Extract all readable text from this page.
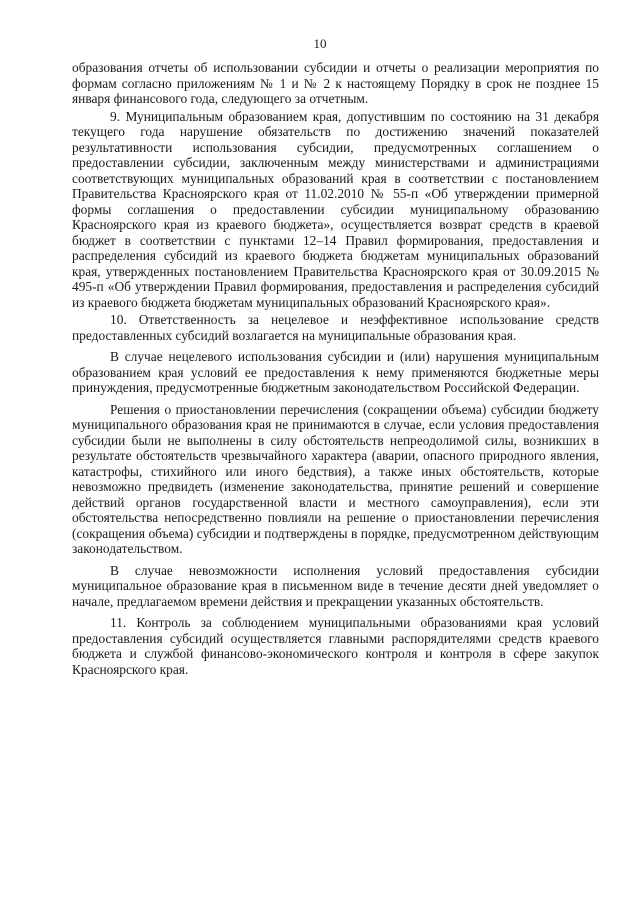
10

образования отчеты об использовании субсидии и отчеты о реализации мероприятия по формам согласно приложениям № 1 и № 2 к настоящему Порядку в срок не позднее 15 января финансового года, следующего за отчетным.

9. Муниципальным образованием края, допустившим по состоянию на 31 декабря текущего года нарушение обязательств по достижению значений показателей результативности использования субсидии, предусмотренных соглашением о предоставлении субсидии, заключенным между министерствами и администрациями соответствующих муниципальных образований края в соответствии с постановлением Правительства Красноярского края от 11.02.2010 № 55-п «Об утверждении примерной формы соглашения о предоставлении субсидии муниципальному образованию Красноярского края из краевого бюджета», осуществляется возврат средств в краевой бюджет в соответствии с пунктами 12–14 Правил формирования, предоставления и распределения субсидий из краевого бюджета бюджетам муниципальных образований края, утвержденных постановлением Правительства Красноярского края от 30.09.2015 № 495-п «Об утверждении Правил формирования, предоставления и распределения субсидий из краевого бюджета бюджетам муниципальных образований Красноярского края».

10. Ответственность за нецелевое и неэффективное использование средств предоставленных субсидий возлагается на муниципальные образования края.

В случае нецелевого использования субсидии и (или) нарушения муниципальным образованием края условий ее предоставления к нему применяются бюджетные меры принуждения, предусмотренные бюджетным законодательством Российской Федерации.

Решения о приостановлении перечисления (сокращении объема) субсидии бюджету муниципального образования края не принимаются в случае, если условия предоставления субсидии были не выполнены в силу обстоятельств непреодолимой силы, возникших в результате обстоятельств чрезвычайного характера (аварии, опасного природного явления, катастрофы, стихийного или иного бедствия), а также иных обстоятельств, которые невозможно предвидеть (изменение законодательства, принятие решений и совершение действий органов государственной власти и местного самоуправления), если эти обстоятельства непосредственно повлияли на решение о приостановлении перечисления (сокращения объема) субсидии и подтверждены в порядке, предусмотренном действующим законодательством.

В случае невозможности исполнения условий предоставления субсидии муниципальное образование края в письменном виде в течение десяти дней уведомляет о начале, предлагаемом времени действия и прекращении указанных обстоятельств.

11. Контроль за соблюдением муниципальными образованиями края условий предоставления субсидий осуществляется главными распорядителями средств краевого бюджета и службой финансово-экономического контроля и контроля в сфере закупок Красноярского края.
